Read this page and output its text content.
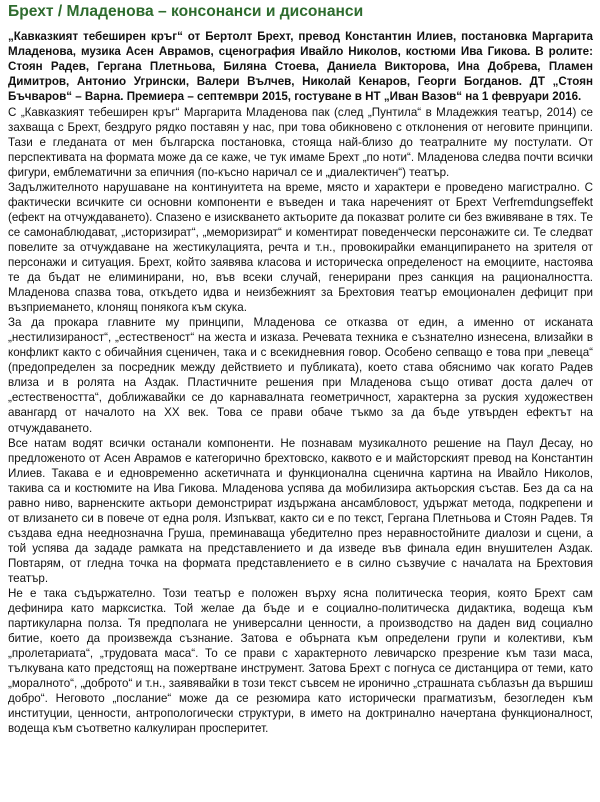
Брехт / Младенова – консонанси и дисонанси

„Кавказкият тебеширен кръг“ от Бертолт Брехт, превод Константин Илиев, постановка Маргарита Младенова, музика Асен Аврамов, сценография Ивайло Николов, костюми Ива Гикова. В ролите: Стоян Радев, Гергана Плетньова, Биляна Стоева, Даниела Викторова, Ина Добрева, Пламен Димитров, Антонио Угрински, Валери Вълчев, Николай Кенаров, Георги Богданов. ДТ „Стоян Бъчваров“ – Варна. Премиера – септември 2015, гостуване в НТ „Иван Вазов“ на 1 февруари 2016.

С „Кавказкият тебеширен кръг“ Маргарита Младенова пак (след „Пунтила“ в Младежкия театър, 2014) се захваща с Брехт, бездруго рядко поставян у нас, при това обикновено с отклонения от неговите принципи. Тази е гледаната от мен българска постановка, стояща най-близо до театралните му постулати. От перспективата на формата може да се каже, че тук имаме Брехт „по ноти“. Младенова следва почти всички фигури, емблематични за епичния (по-късно наричал се и „диалектичен“) театър.

Задължителното нарушаване на континуитета на време, място и характери е проведено магистрално. С фактически всичките си основни компоненти е въведен и така нареченият от Брехт Verfremdungseffekt (ефект на отчуждаването). Спазено е изискването актьорите да показват ролите си без вживяване в тях. Те се самонаблюдават, „историзират“, „меморизират“ и коментират поведенчески персонажите си. Те следват повелите за отчуждаване на жестикулацията, речта и т.н., провокирайки еманципирането на зрителя от персонажи и ситуация. Брехт, който заявява класова и историческа определеност на емоциите, настоява те да бъдат не елиминирани, но, във всеки случай, генерирани през санкция на рационалността. Младенова спазва това, откъдето идва и неизбежният за Брехтовия театър емоционален дефицит при възприемането, клонящ понякога към скука.

За да прокара главните му принципи, Младенова се отказва от един, а именно от исканата „нестилизираност“, „естественост“ на жеста и изказа. Речевата техника е съзнателно изнесена, влизайки в конфликт както с обичайния сценичен, така и с всекидневния говор. Особено сепващо е това при „певеца“ (предопределен за посредник между действието и публиката), което става обяснимо чак когато Радев влиза и в ролята на Аздак. Пластичните решения при Младенова също отиват доста далеч от „естествеността“, доближавайки се до карнавалната геометричност, характерна за руския художествен авангард от началото на XX век. Това се прави обаче тъкмо за да бъде утвърден ефектът на отчуждаването.

Все натам водят всички останали компоненти. Не познавам музикалното решение на Паул Десау, но предложеното от Асен Аврамов е категорично брехтовско, каквото е и майсторският превод на Константин Илиев. Такава е и едновременно аскетичната и функционална сценична картина на Ивайло Николов, такива са и костюмите на Ива Гикова. Младенова успява да мобилизира актьорския състав. Без да са на равно ниво, варненските актьори демонстрират издържана ансамбловост, удържат метода, подкрепени и от влизането си в повече от една роля. Изпъкват, както си е по текст, Гергана Плетньова и Стоян Радев. Тя създава една нееднозначна Груша, преминаваща убедително през неравностойните диалози и сцени, а той успява да зададе рамката на представлението и да изведе във финала един внушителен Аздак. Повтарям, от гледна точка на формата представлението е в силно съзвучие с началата на Брехтовия театър.

Не е така съдържателно. Този театър е положен върху ясна политическа теория, която Брехт сам дефинира като марксистка. Той желае да бъде и е социално-политическа дидактика, водеща към партикуларна полза. Тя предполага не универсални ценности, а производство на даден вид социално битие, което да произвежда съзнание. Затова е обърната към определени групи и колективи, към „пролетариата“, „трудовата маса“. То се прави с характерното левичарско презрение към тази маса, тълкувана като предстоящ на пожертване инструмент. Затова Брехт с погнуса се дистанцира от теми, като „моралното“, „доброто“ и т.н., заявявайки в този текст съвсем не иронично „страшната съблазън да вършиш добро“. Неговото „послание“ може да се резюмира като исторически прагматизъм, безогледен към институции, ценности, антропологически структури, в името на доктринално начертана функционалност, водеща към съответно калкулиран просперитет.
